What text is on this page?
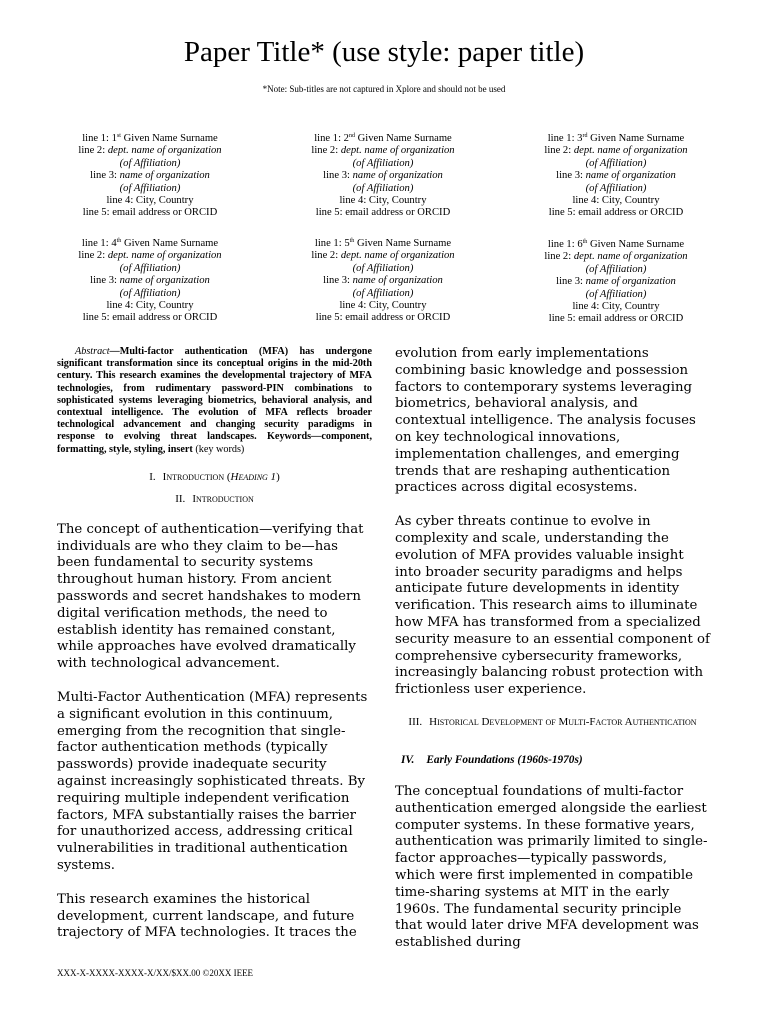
Paper Title* (use style: paper title)
*Note: Sub-titles are not captured in Xplore and should not be used
line 1: 1st Given Name Surname
line 2: dept. name of organization
(of Affiliation)
line 3: name of organization
(of Affiliation)
line 4: City, Country
line 5: email address or ORCID
line 1: 2nd Given Name Surname
line 2: dept. name of organization
(of Affiliation)
line 3: name of organization
(of Affiliation)
line 4: City, Country
line 5: email address or ORCID
line 1: 3rd Given Name Surname
line 2: dept. name of organization
(of Affiliation)
line 3: name of organization
(of Affiliation)
line 4: City, Country
line 5: email address or ORCID
line 1: 4th Given Name Surname
line 2: dept. name of organization
(of Affiliation)
line 3: name of organization
(of Affiliation)
line 4: City, Country
line 5: email address or ORCID
line 1: 5th Given Name Surname
line 2: dept. name of organization
(of Affiliation)
line 3: name of organization
(of Affiliation)
line 4: City, Country
line 5: email address or ORCID
line 1: 6th Given Name Surname
line 2: dept. name of organization
(of Affiliation)
line 3: name of organization
(of Affiliation)
line 4: City, Country
line 5: email address or ORCID

Abstract—Multi-factor authentication (MFA) has undergone significant transformation since its conceptual origins in the mid-20th century. This research examines the developmental trajectory of MFA technologies, from rudimentary password-PIN combinations to sophisticated systems leveraging biometrics, behavioral analysis, and contextual intelligence. The evolution of MFA reflects broader technological advancement and changing security paradigms in response to evolving threat landscapes. Keywords—component, formatting, style, styling, insert (key words)

I. Introduction (Heading 1)

II. Introduction

The concept of authentication—verifying that individuals are who they claim to be—has been fundamental to security systems throughout human history. From ancient passwords and secret handshakes to modern digital verification methods, the need to establish identity has remained constant, while approaches have evolved dramatically with technological advancement.

Multi-Factor Authentication (MFA) represents a significant evolution in this continuum, emerging from the recognition that single-factor authentication methods (typically passwords) provide inadequate security against increasingly sophisticated threats. By requiring multiple independent verification factors, MFA substantially raises the barrier for unauthorized access, addressing critical vulnerabilities in traditional authentication systems.

This research examines the historical development, current landscape, and future trajectory of MFA technologies. It traces the

evolution from early implementations combining basic knowledge and possession factors to contemporary systems leveraging biometrics, behavioral analysis, and contextual intelligence. The analysis focuses on key technological innovations, implementation challenges, and emerging trends that are reshaping authentication practices across digital ecosystems.

As cyber threats continue to evolve in complexity and scale, understanding the evolution of MFA provides valuable insight into broader security paradigms and helps anticipate future developments in identity verification. This research aims to illuminate how MFA has transformed from a specialized security measure to an essential component of comprehensive cybersecurity frameworks, increasingly balancing robust protection with frictionless user experience.

III. Historical Development of Multi-Factor Authentication

IV. Early Foundations (1960s-1970s)

The conceptual foundations of multi-factor authentication emerged alongside the earliest computer systems. In these formative years, authentication was primarily limited to single-factor approaches—typically passwords, which were first implemented in compatible time-sharing systems at MIT in the early 1960s. The fundamental security principle that would later drive MFA development was established during

XXX-X-XXXX-XXXX-X/XX/$XX.00 ©20XX IEEE
